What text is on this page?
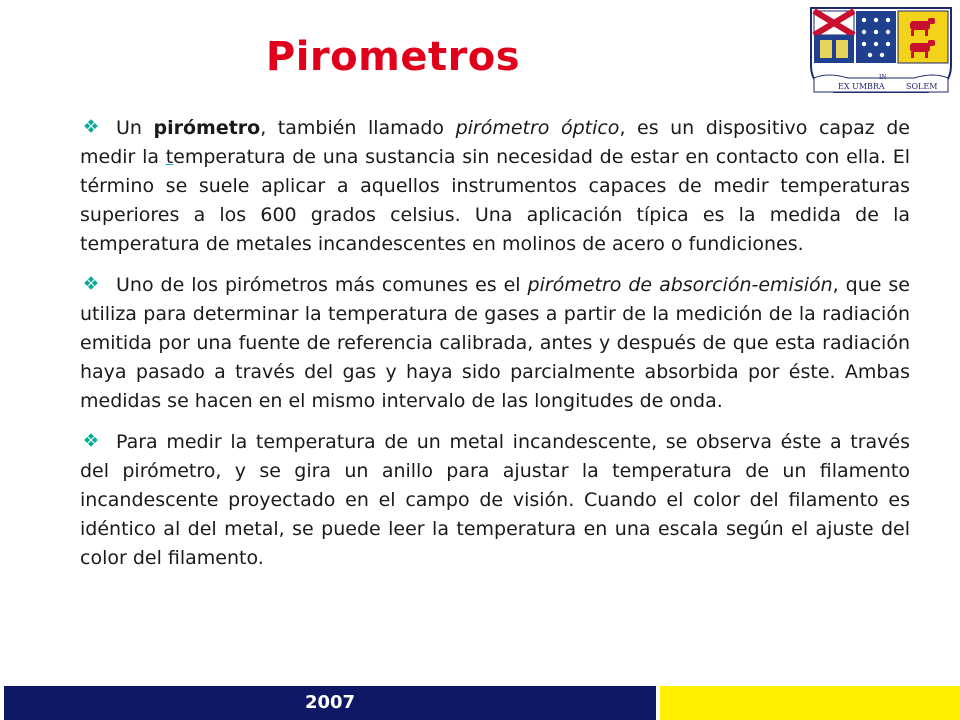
Pirometros
EX UMBRA
IN
SOLEM

Un pirómetro, también llamado pirómetro óptico, es un dispositivo capaz de medir la temperatura de una sustancia sin necesidad de estar en contacto con ella. El término se suele aplicar a aquellos instrumentos capaces de medir temperaturas superiores a los 600 grados celsius. Una aplicación típica es la medida de la temperatura de metales incandescentes en molinos de acero o fundiciones.

Uno de los pirómetros más comunes es el pirómetro de absorción-emisión, que se utiliza para determinar la temperatura de gases a partir de la medición de la radiación emitida por una fuente de referencia calibrada, antes y después de que esta radiación haya pasado a través del gas y haya sido parcialmente absorbida por éste. Ambas medidas se hacen en el mismo intervalo de las longitudes de onda.

Para medir la temperatura de un metal incandescente, se observa éste a través del pirómetro, y se gira un anillo para ajustar la temperatura de un filamento incandescente proyectado en el campo de visión. Cuando el color del filamento es idéntico al del metal, se puede leer la temperatura en una escala según el ajuste del color del filamento.

2007
